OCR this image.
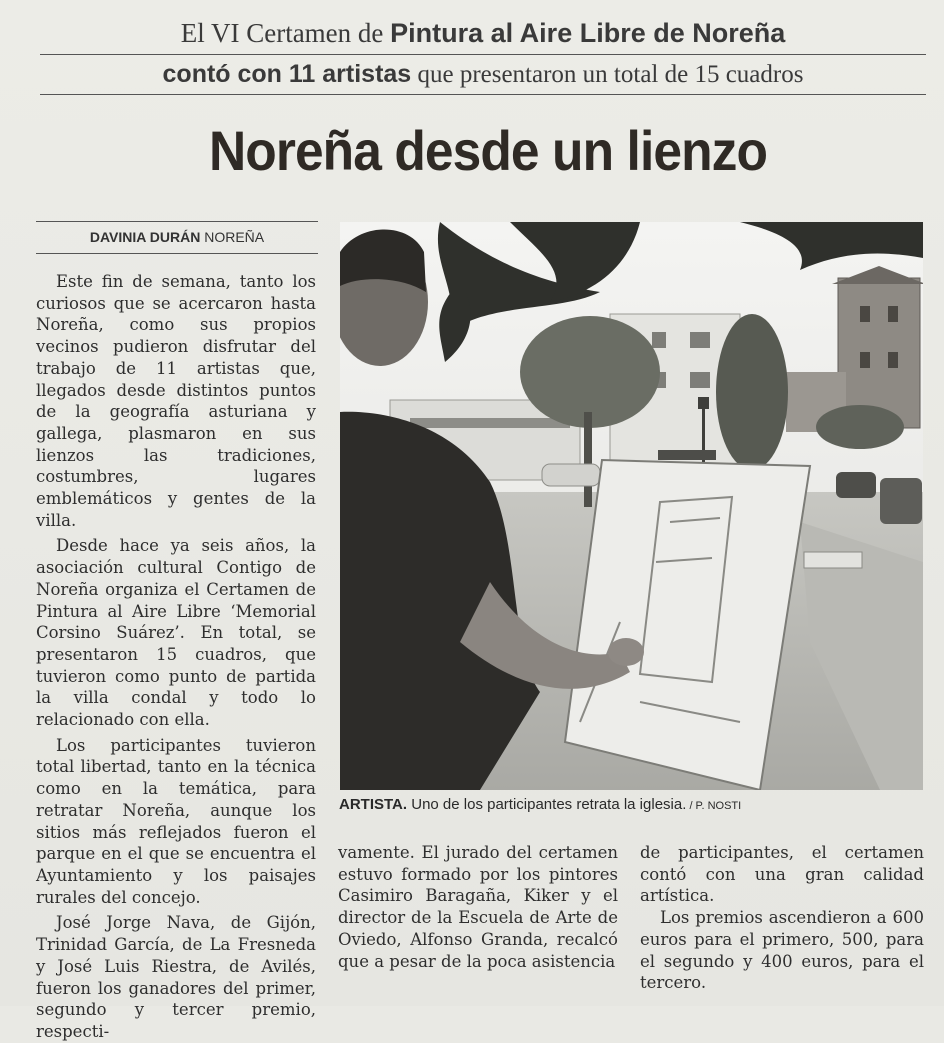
El VI Certamen de Pintura al Aire Libre de Noreña
contó con 11 artistas que presentaron un total de 15 cuadros
Noreña desde un lienzo
DAVINIA DURÁN NOREÑA

Este fin de semana, tanto los curiosos que se acercaron hasta Noreña, como sus propios vecinos pudieron disfrutar del trabajo de 11 artistas que, llegados desde distintos puntos de la geografía asturiana y gallega, plasmaron en sus lienzos las tradiciones, costumbres, lugares emblemáticos y gentes de la villa.

Desde hace ya seis años, la asociación cultural Contigo de Noreña organiza el Certamen de Pintura al Aire Libre ‘Memorial Corsino Suárez’. En total, se presentaron 15 cuadros, que tuvieron como punto de partida la villa condal y todo lo relacionado con ella.

Los participantes tuvieron total libertad, tanto en la técnica como en la temática, para retratar Noreña, aunque los sitios más reflejados fueron el parque en el que se encuentra el Ayuntamiento y los paisajes rurales del concejo.

José Jorge Nava, de Gijón, Trinidad García, de La Fresneda y José Luis Riestra, de Avilés, fueron los ganadores del primer, segundo y tercer premio, respecti-

ARTISTA. Uno de los participantes retrata la iglesia. / P. NOSTI

vamente. El jurado del certamen estuvo formado por los pintores Casimiro Baragaña, Kiker y el director de la Escuela de Arte de Oviedo, Alfonso Granda, recalcó que a pesar de la poca asistencia

de participantes, el certamen contó con una gran calidad artística.

Los premios ascendieron a 600 euros para el primero, 500, para el segundo y 400 euros, para el tercero.
